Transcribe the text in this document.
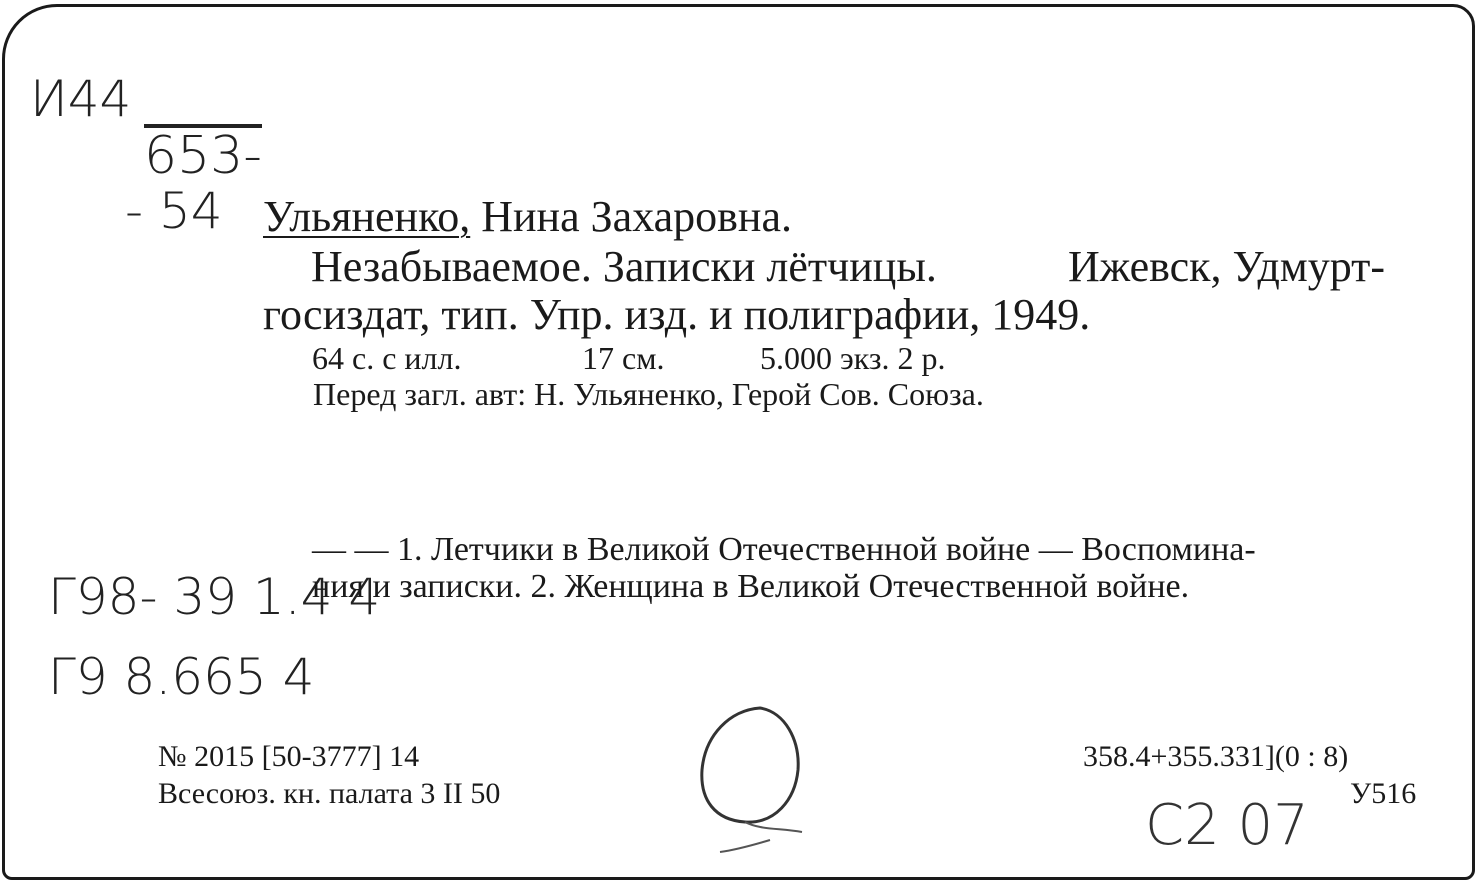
И44
653-
- 54
Г98- 39 1.4 4
Г9 8.665 4
С2 07
Ульяненко, Нина Захаровна.
Незабываемое. Записки лётчицы.	Ижевск, Удмурт-
госиздат, тип. Упр. изд. и полиграфии, 1949.
64 с. с илл.	17 см.	5.000 экз. 2 р.
Перед загл. авт: Н. Ульяненко, Герой Сов. Союза.
— — 1. Летчики в Великой Отечественной войне — Воспомина-
ния и записки. 2. Женщина в Великой Отечественной войне.
№ 2015 [50-3777] 14
Всесоюз. кн. палата 3 II 50
358.4+355.331](0 : 8)
У516
